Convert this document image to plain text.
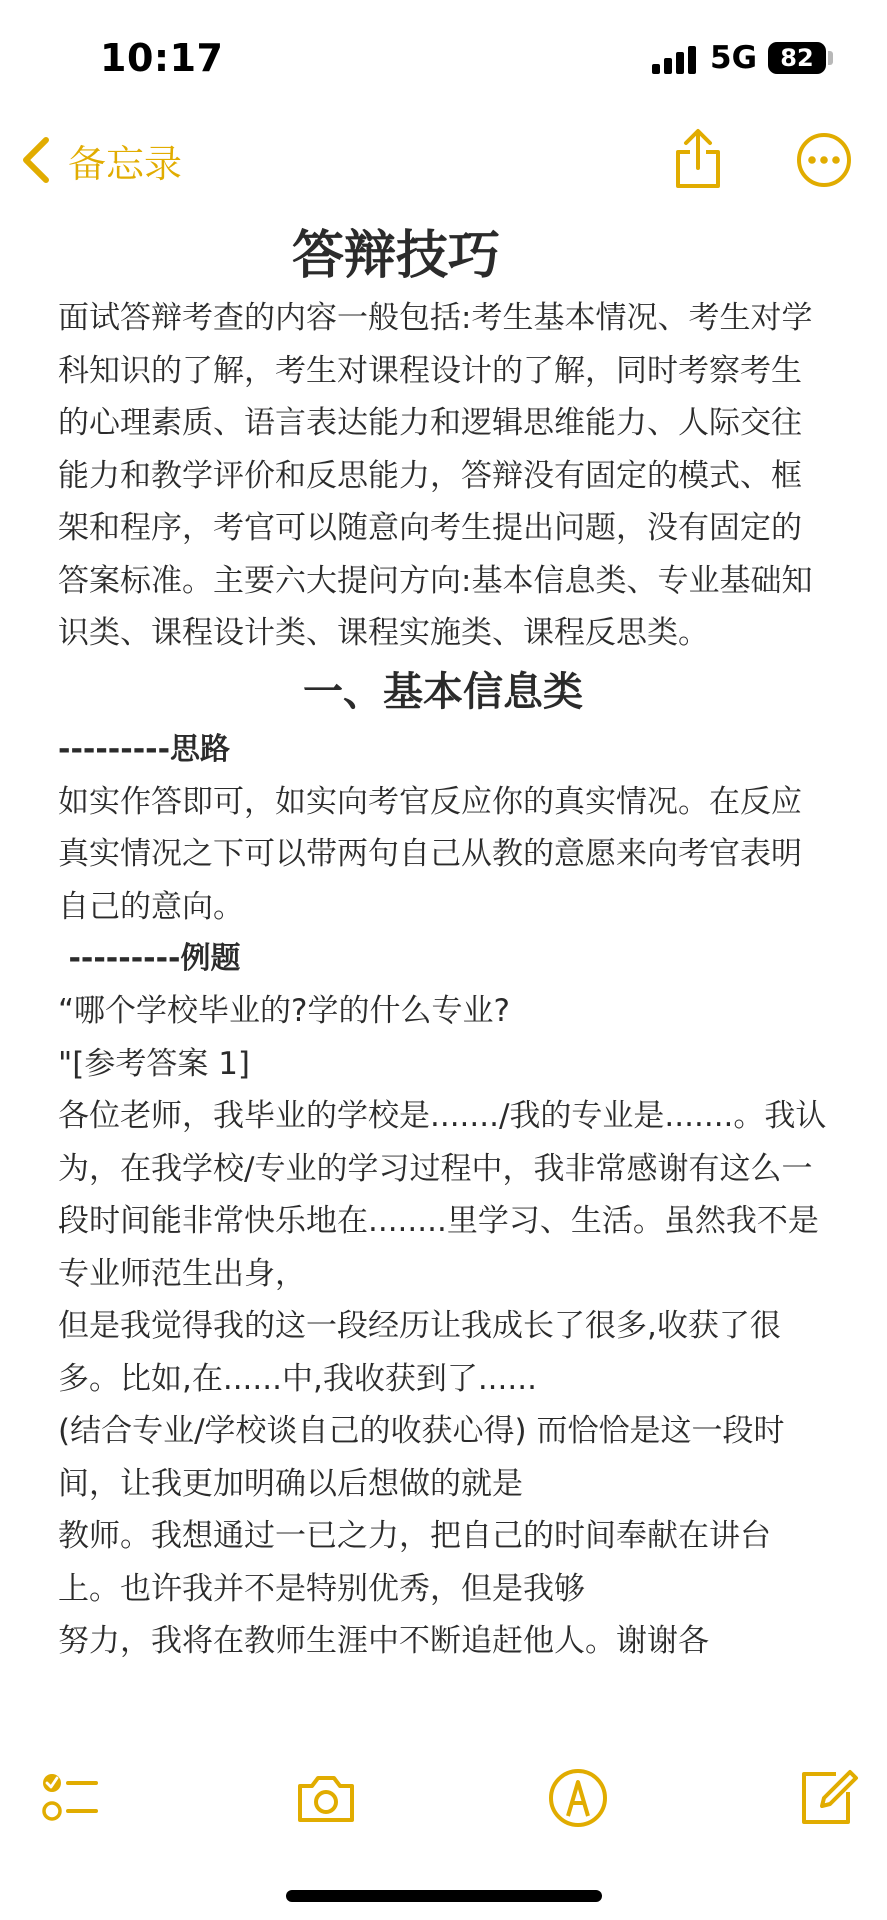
10:17	5G 82
备忘录
答辩技巧

面试答辩考查的内容一般包括:考生基本情况、考生对学科知识的了解，考生对课程设计的了解，同时考察考生的心理素质、语言表达能力和逻辑思维能力、人际交往能力和教学评价和反思能力，答辩没有固定的模式、框架和程序，考官可以随意向考生提出问题，没有固定的答案标准。主要六大提问方向:基本信息类、专业基础知识类、课程设计类、课程实施类、课程反思类。

一、基本信息类

---------思路

如实作答即可，如实向考官反应你的真实情况。在反应真实情况之下可以带两句自己从教的意愿来向考官表明自己的意向。

---------例题

“哪个学校毕业的?学的什么专业?

"[参考答案 1]

各位老师，我毕业的学校是......./我的专业是.......。我认为，在我学校/专业的学习过程中，我非常感谢有这么一段时间能非常快乐地在........里学习、生活。虽然我不是专业师范生出身，

但是我觉得我的这一段经历让我成长了很多,收获了很多。比如,在......中,我收获到了......

(结合专业/学校谈自己的收获心得) 而恰恰是这一段时间，让我更加明确以后想做的就是

教师。我想通过一已之力，把自己的时间奉献在讲台上。也许我并不是特别优秀，但是我够

努力，我将在教师生涯中不断追赶他人。谢谢各
